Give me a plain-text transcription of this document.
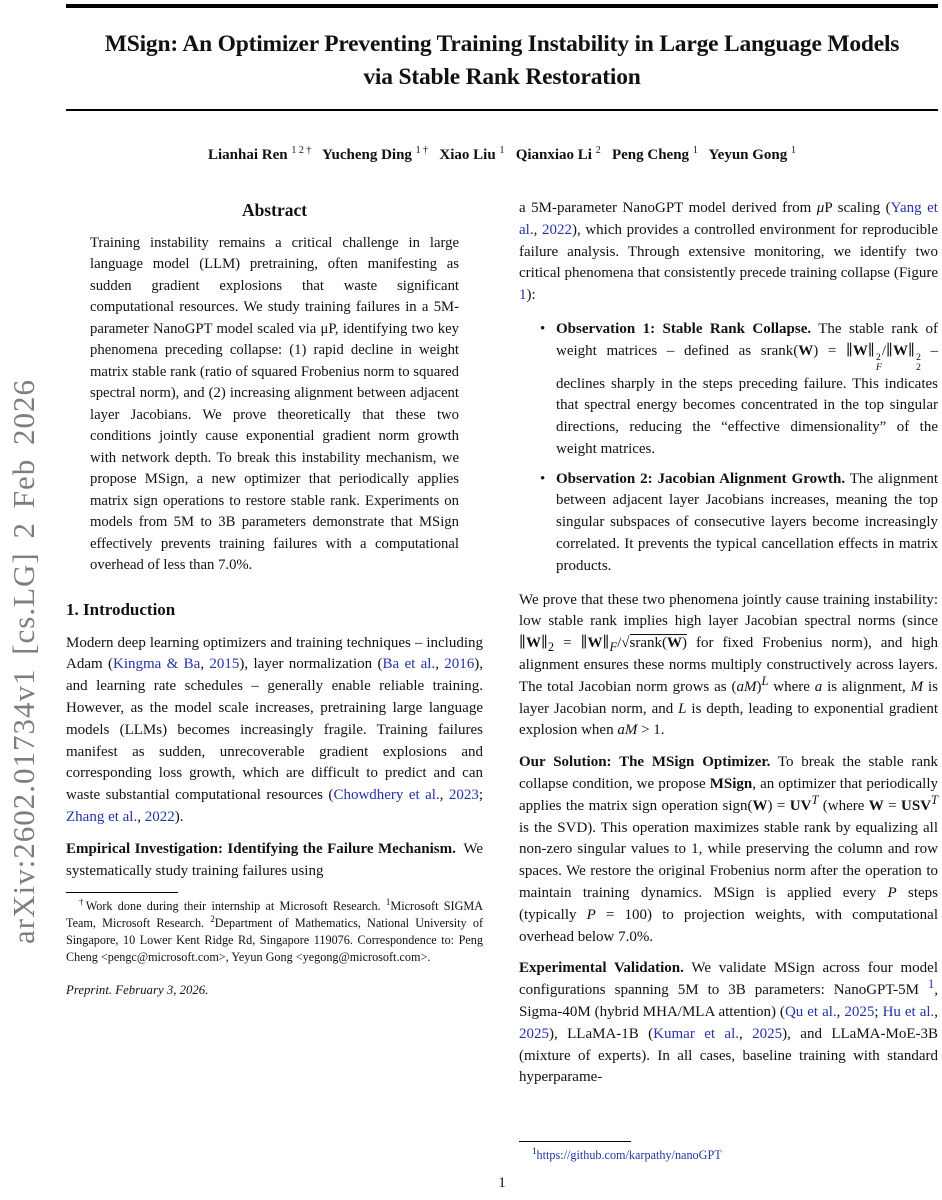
arXiv:2602.01734v1 [cs.LG] 2 Feb 2026
MSign: An Optimizer Preventing Training Instability in Large Language Models
via Stable Rank Restoration
Lianhai Ren $^{1 2 \dagger}$  Yucheng Ding $^{1 \dagger}$  Xiao Liu $^1$  Qianxiao Li $^2$  Peng Cheng $^1$  Yeyun Gong $^1$
Abstract

Training instability remains a critical challenge in large language model (LLM) pretraining, often manifesting as sudden gradient explosions that waste significant computational resources. We study training failures in a 5M-parameter NanoGPT model scaled via μP, identifying two key phenomena preceding collapse: (1) rapid decline in weight matrix stable rank (ratio of squared Frobenius norm to squared spectral norm), and (2) increasing alignment between adjacent layer Jacobians. We prove theoretically that these two conditions jointly cause exponential gradient norm growth with network depth. To break this instability mechanism, we propose MSign, a new optimizer that periodically applies matrix sign operations to restore stable rank. Experiments on models from 5M to 3B parameters demonstrate that MSign effectively prevents training failures with a computational overhead of less than 7.0%.

1. Introduction

Modern deep learning optimizers and training techniques – including Adam (Kingma & Ba, 2015), layer normalization (Ba et al., 2016), and learning rate schedules – generally enable reliable training. However, as the model scale increases, pretraining large language models (LLMs) becomes increasingly fragile. Training failures manifest as sudden, unrecoverable gradient explosions and corresponding loss growth, which are difficult to predict and can waste substantial computational resources (Chowdhery et al., 2023; Zhang et al., 2022).

Empirical Investigation: Identifying the Failure Mechanism. We systematically study training failures using

†Work done during their internship at Microsoft Research. $^1$Microsoft SIGMA Team, Microsoft Research. $^2$Department of Mathematics, National University of Singapore, 10 Lower Kent Ridge Rd, Singapore 119076. Correspondence to: Peng Cheng <pengc@microsoft.com>, Yeyun Gong <yegong@microsoft.com>.
Preprint. February 3, 2026.

a 5M-parameter NanoGPT model derived from μP scaling (Yang et al., 2022), which provides a controlled environment for reproducible failure analysis. Through extensive monitoring, we identify two critical phenomena that consistently precede training collapse (Figure 1):

• Observation 1: Stable Rank Collapse. The stable rank of weight matrices – defined as srank(W) = ∥W∥ 2
F
/∥W∥ 2
2
– declines sharply in the steps preceding failure. This indicates that spectral energy becomes concentrated in the top singular directions, reducing the “effective dimensionality” of the weight matrices.
• Observation 2: Jacobian Alignment Growth. The alignment between adjacent layer Jacobians increases, meaning the top singular subspaces of consecutive layers become increasingly correlated. It prevents the typical cancellation effects in matrix products.

We prove that these two phenomena jointly cause training instability: low stable rank implies high layer Jacobian spectral norms (since $\parallel W\parallel_2$ = $\parallel W\parallel_F/√srank(W)$ for fixed Frobenius norm), and high alignment ensures these norms multiply constructively across layers. The total Jacobian norm grows as (aM)$^L$ where a is alignment, M is layer Jacobian norm, and L is depth, leading to exponential gradient explosion when aM > 1.

Our Solution: The MSign Optimizer. To break the stable rank collapse condition, we propose MSign, an optimizer that periodically applies the matrix sign operation sign(W) = $UV^T$ (where $W = USV^T$ is the SVD). This operation maximizes stable rank by equalizing all non-zero singular values to 1, while preserving the column and row spaces. We restore the original Frobenius norm after the operation to maintain training dynamics. MSign is applied every P steps (typically P = 100) to projection weights, with computational overhead below 7.0%.

Experimental Validation. We validate MSign across four model configurations spanning 5M to 3B parameters: NanoGPT-5M $^1$, Sigma-40M (hybrid MHA/MLA attention) (Qu et al., 2025; Hu et al., 2025), LLaMA-1B (Kumar et al., 2025), and LLaMA-MoE-3B (mixture of experts). In all cases, baseline training with standard hyperparame-

$^1$https://github.com/karpathy/nanoGPT
1
